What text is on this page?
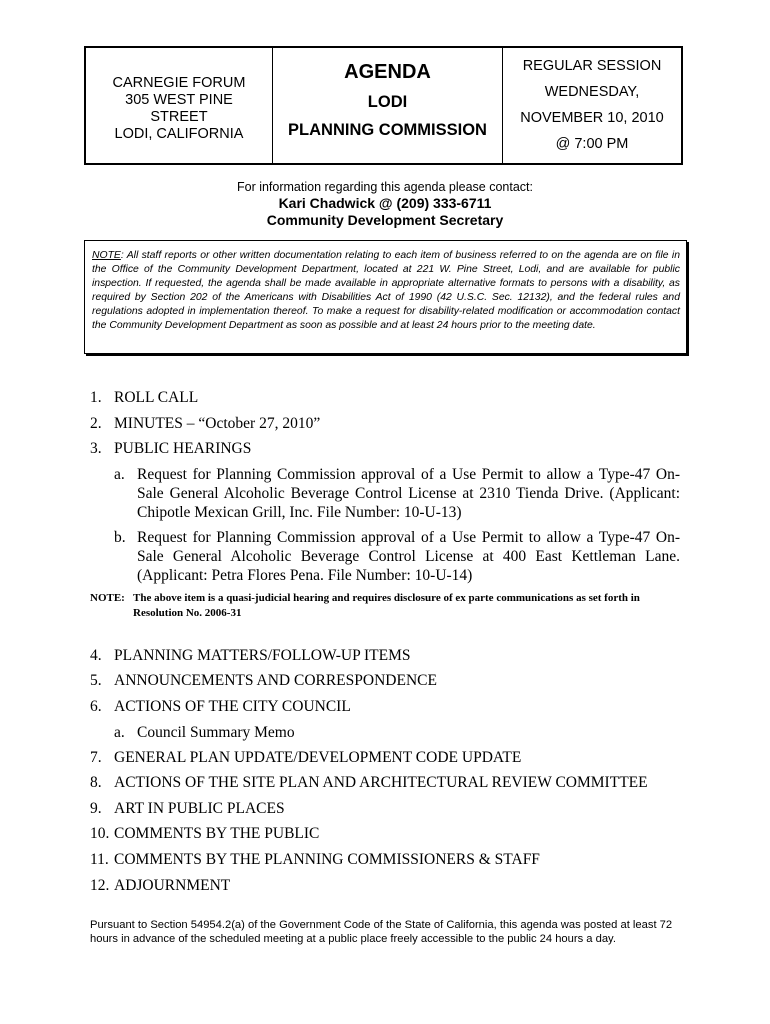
CARNEGIE FORUM
305 WEST PINE
STREET
LODI, CALIFORNIA
AGENDA
LODI
PLANNING COMMISSION
REGULAR SESSION
WEDNESDAY,
NOVEMBER 10, 2010
@ 7:00 PM
For information regarding this agenda please contact:
Kari Chadwick @ (209) 333-6711
Community Development Secretary
NOTE: All staff reports or other written documentation relating to each item of business referred to on the agenda are on file in the Office of the Community Development Department, located at 221 W. Pine Street, Lodi, and are available for public inspection. If requested, the agenda shall be made available in appropriate alternative formats to persons with a disability, as required by Section 202 of the Americans with Disabilities Act of 1990 (42 U.S.C. Sec. 12132), and the federal rules and regulations adopted in implementation thereof. To make a request for disability-related modification or accommodation contact the Community Development Department as soon as possible and at least 24 hours prior to the meeting date.
1. ROLL CALL
2. MINUTES – “October 27, 2010”
3. PUBLIC HEARINGS
a. Request for Planning Commission approval of a Use Permit to allow a Type-47 On-Sale General Alcoholic Beverage Control License at 2310 Tienda Drive. (Applicant: Chipotle Mexican Grill, Inc. File Number: 10-U-13)
b. Request for Planning Commission approval of a Use Permit to allow a Type-47 On-Sale General Alcoholic Beverage Control License at 400 East Kettleman Lane. (Applicant: Petra Flores Pena. File Number: 10-U-14)
NOTE: The above item is a quasi-judicial hearing and requires disclosure of ex parte communications as set forth in Resolution No. 2006-31
4. PLANNING MATTERS/FOLLOW-UP ITEMS
5. ANNOUNCEMENTS AND CORRESPONDENCE
6. ACTIONS OF THE CITY COUNCIL
a. Council Summary Memo
7. GENERAL PLAN UPDATE/DEVELOPMENT CODE UPDATE
8. ACTIONS OF THE SITE PLAN AND ARCHITECTURAL REVIEW COMMITTEE
9. ART IN PUBLIC PLACES
10. COMMENTS BY THE PUBLIC
11. COMMENTS BY THE PLANNING COMMISSIONERS & STAFF
12. ADJOURNMENT
Pursuant to Section 54954.2(a) of the Government Code of the State of California, this agenda was posted at least 72 hours in advance of the scheduled meeting at a public place freely accessible to the public 24 hours a day.
